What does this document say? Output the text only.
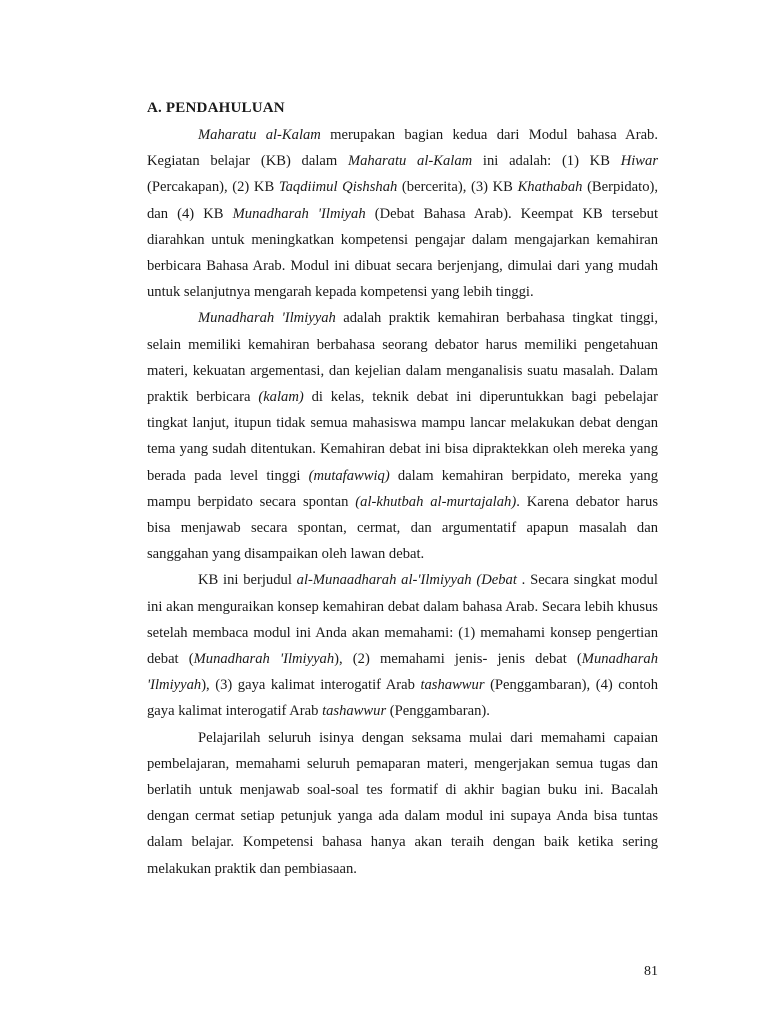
A. PENDAHULUAN

Maharatu al-Kalam merupakan bagian kedua dari Modul bahasa Arab. Kegiatan belajar (KB) dalam Maharatu al-Kalam ini adalah: (1) KB Hiwar (Percakapan), (2) KB Taqdiimul Qishshah (bercerita), (3) KB Khathabah (Berpidato), dan (4) KB Munadharah 'Ilmiyah (Debat Bahasa Arab). Keempat KB tersebut diarahkan untuk meningkatkan kompetensi pengajar dalam mengajarkan kemahiran berbicara Bahasa Arab. Modul ini dibuat secara berjenjang, dimulai dari yang mudah untuk selanjutnya mengarah kepada kompetensi yang lebih tinggi.

Munadharah 'Ilmiyyah adalah praktik kemahiran berbahasa tingkat tinggi, selain memiliki kemahiran berbahasa seorang debator harus memiliki pengetahuan materi, kekuatan argementasi, dan kejelian dalam menganalisis suatu masalah. Dalam praktik berbicara (kalam) di kelas, teknik debat ini diperuntukkan bagi pebelajar tingkat lanjut, itupun tidak semua mahasiswa mampu lancar melakukan debat dengan tema yang sudah ditentukan. Kemahiran debat ini bisa dipraktekkan oleh mereka yang berada pada level tinggi (mutafawwiq) dalam kemahiran berpidato, mereka yang mampu berpidato secara spontan (al-khutbah al-murtajalah). Karena debator harus bisa menjawab secara spontan, cermat, dan argumentatif apapun masalah dan sanggahan yang disampaikan oleh lawan debat.

KB ini berjudul al-Munaadharah al-'Ilmiyyah (Debat . Secara singkat modul ini akan menguraikan konsep kemahiran debat dalam bahasa Arab. Secara lebih khusus setelah membaca modul ini Anda akan memahami: (1) memahami konsep pengertian debat (Munadharah 'Ilmiyyah), (2) memahami jenis- jenis debat (Munadharah 'Ilmiyyah), (3) gaya kalimat interogatif Arab tashawwur (Penggambaran), (4) contoh gaya kalimat interogatif Arab tashawwur (Penggambaran).

Pelajarilah seluruh isinya dengan seksama mulai dari memahami capaian pembelajaran, memahami seluruh pemaparan materi, mengerjakan semua tugas dan berlatih untuk menjawab soal-soal tes formatif di akhir bagian buku ini. Bacalah dengan cermat setiap petunjuk yanga ada dalam modul ini supaya Anda bisa tuntas dalam belajar. Kompetensi bahasa hanya akan teraih dengan baik ketika sering melakukan praktik dan pembiasaan.

81
